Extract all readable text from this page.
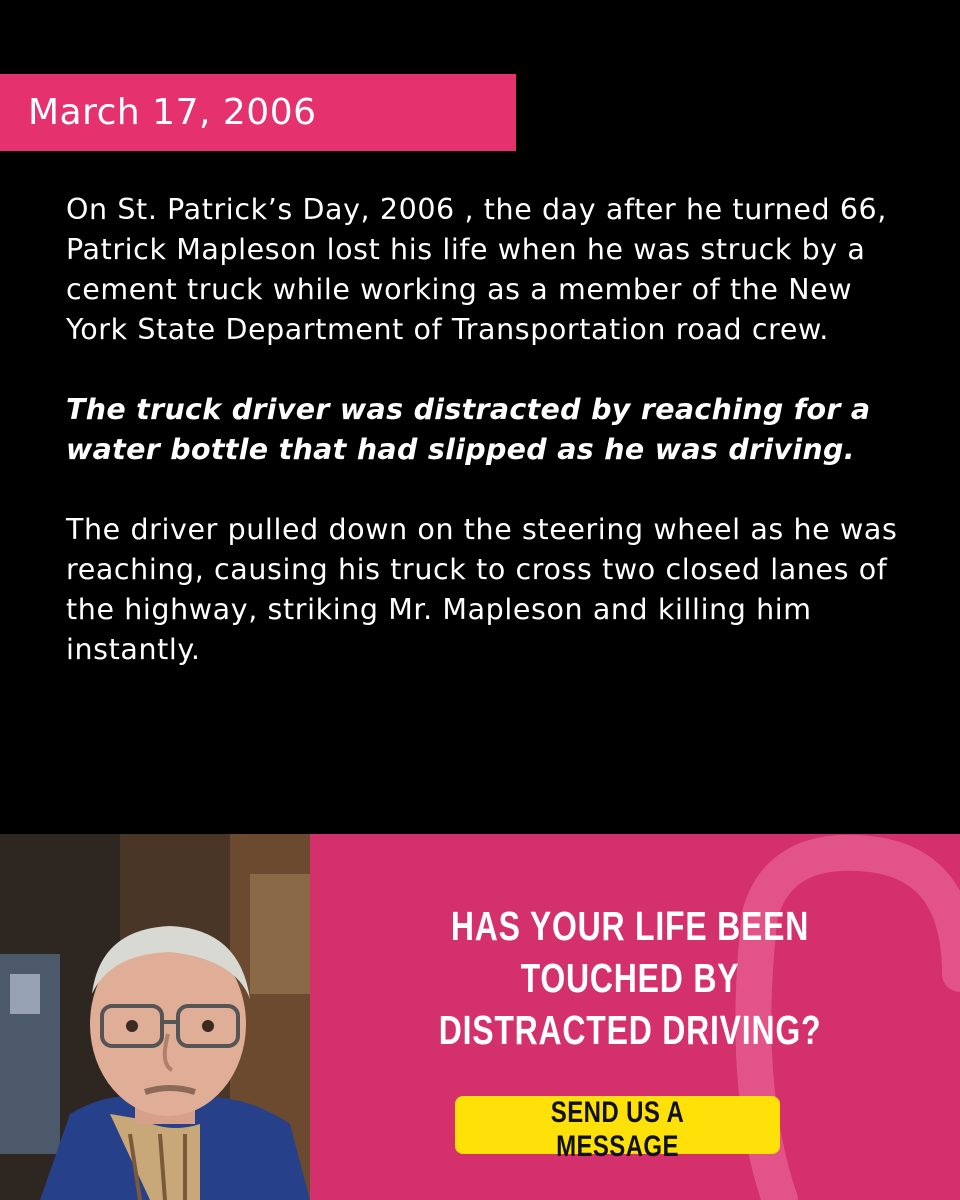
March 17, 2006

On St. Patrick’s Day, 2006 , the day after he turned 66, Patrick Mapleson lost his life when he was struck by a cement truck while working as a member of the New York State Department of Transportation road crew.

The truck driver was distracted by reaching for a water bottle that had slipped as he was driving.

The driver pulled down on the steering wheel as he was reaching, causing his truck to cross two closed lanes of the highway, striking Mr. Mapleson and killing him instantly.

HAS YOUR LIFE BEEN TOUCHED BY DISTRACTED DRIVING?
SEND US A MESSAGE
